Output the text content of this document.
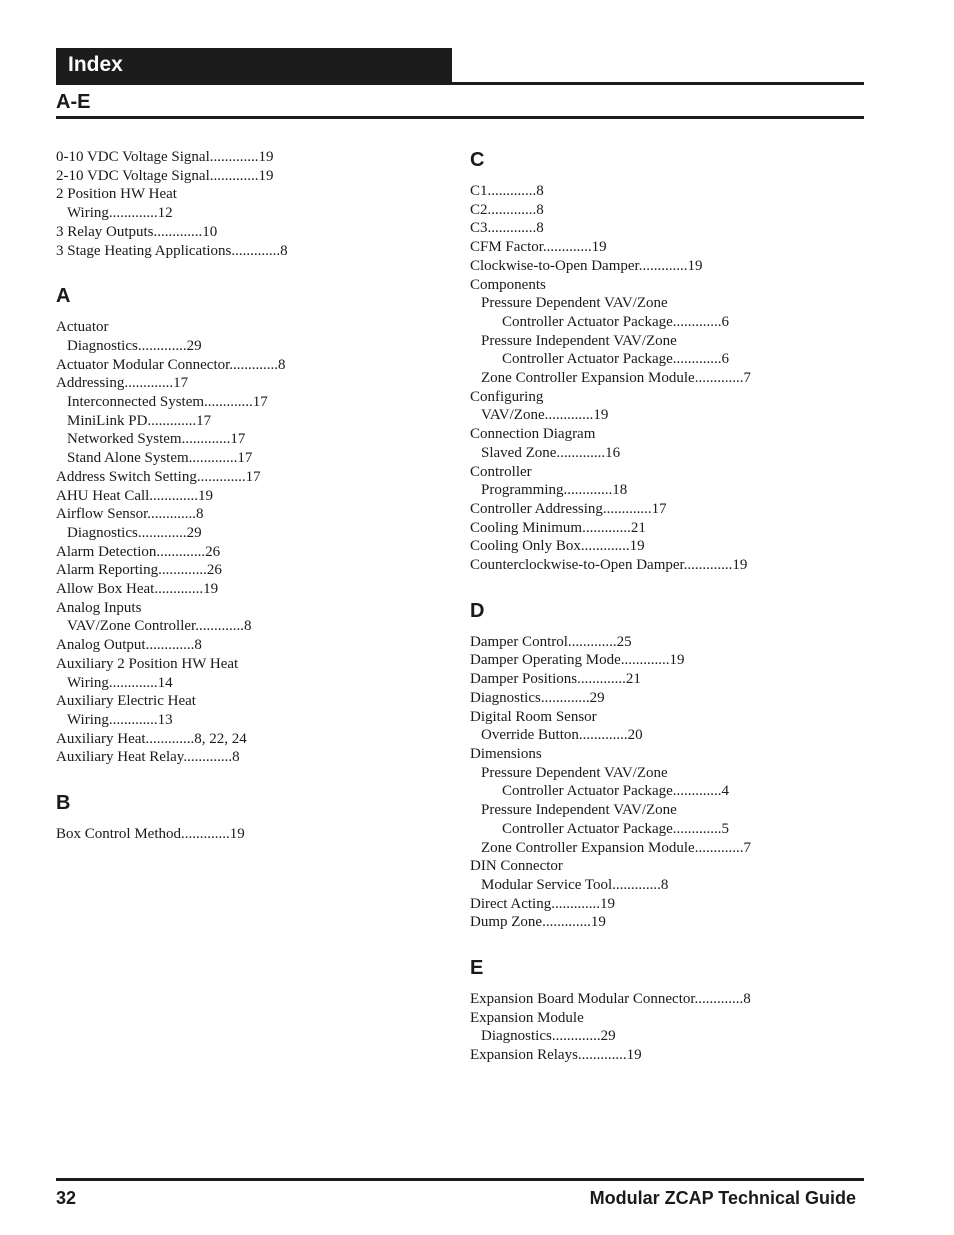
Index
A-E
0-10 VDC Voltage Signal.............19
2-10 VDC Voltage Signal.............19
2 Position HW Heat
Wiring.............12
3 Relay Outputs.............10
3 Stage Heating Applications.............8
A
Actuator
Diagnostics.............29
Actuator Modular Connector.............8
Addressing.............17
Interconnected System.............17
MiniLink PD.............17
Networked System.............17
Stand Alone System.............17
Address Switch Setting.............17
AHU Heat Call.............19
Airflow Sensor.............8
Diagnostics.............29
Alarm Detection.............26
Alarm Reporting.............26
Allow Box Heat.............19
Analog Inputs
VAV/Zone Controller.............8
Analog Output.............8
Auxiliary 2 Position HW Heat
Wiring.............14
Auxiliary Electric Heat
Wiring.............13
Auxiliary Heat.............8, 22, 24
Auxiliary Heat Relay.............8
B
Box Control Method.............19
C
C1.............8
C2.............8
C3.............8
CFM Factor.............19
Clockwise-to-Open Damper.............19
Components
Pressure Dependent VAV/Zone
Controller Actuator Package.............6
Pressure Independent VAV/Zone
Controller Actuator Package.............6
Zone Controller Expansion Module.............7
Configuring
VAV/Zone.............19
Connection Diagram
Slaved Zone.............16
Controller
Programming.............18
Controller Addressing.............17
Cooling Minimum.............21
Cooling Only Box.............19
Counterclockwise-to-Open Damper.............19
D
Damper Control.............25
Damper Operating Mode.............19
Damper Positions.............21
Diagnostics.............29
Digital Room Sensor
Override Button.............20
Dimensions
Pressure Dependent VAV/Zone
Controller Actuator Package.............4
Pressure Independent VAV/Zone
Controller Actuator Package.............5
Zone Controller Expansion Module.............7
DIN Connector
Modular Service Tool.............8
Direct Acting.............19
Dump Zone.............19
E
Expansion Board Modular Connector.............8
Expansion Module
Diagnostics.............29
Expansion Relays.............19
32	Modular ZCAP Technical Guide
